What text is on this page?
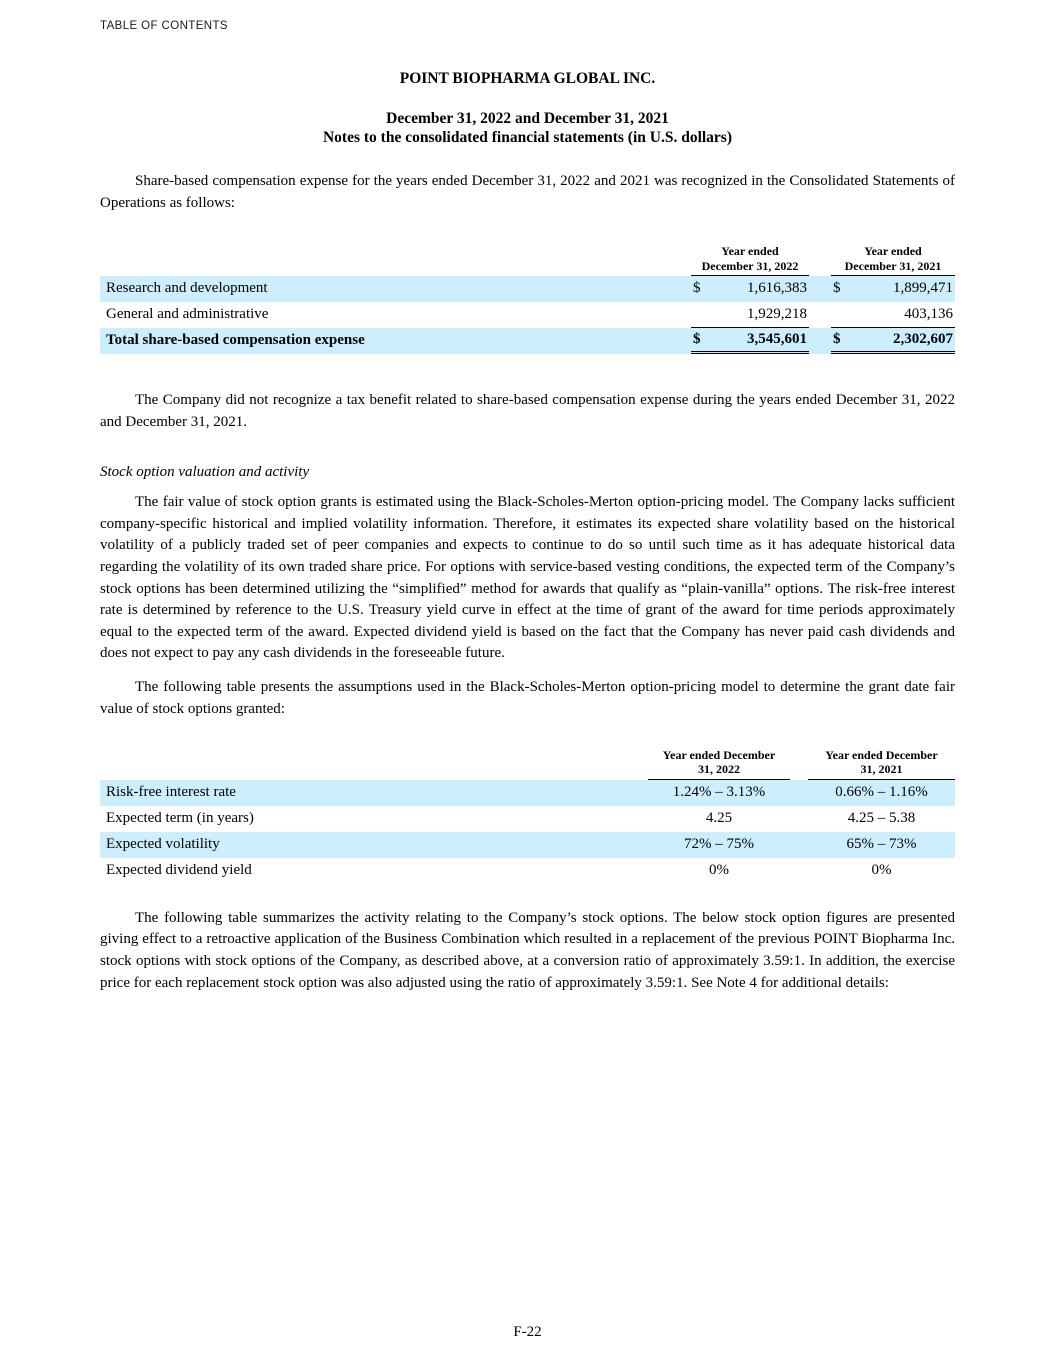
TABLE OF CONTENTS
POINT BIOPHARMA GLOBAL INC.
December 31, 2022 and December 31, 2021
Notes to the consolidated financial statements (in U.S. dollars)

Share-based compensation expense for the years ended December 31, 2022 and 2021 was recognized in the Consolidated Statements of Operations as follows:

Year ended
December 31, 2022
Year ended
December 31, 2021
Research and development	$	1,616,383 $	1,899,471
General and administrative	1,929,218	403,136
Total share-based compensation expense	$	3,545,601 $	2,302,607

The Company did not recognize a tax benefit related to share-based compensation expense during the years ended December 31, 2022 and December 31, 2021.

Stock option valuation and activity

The fair value of stock option grants is estimated using the Black-Scholes-Merton option-pricing model. The Company lacks sufficient company-specific historical and implied volatility information. Therefore, it estimates its expected share volatility based on the historical volatility of a publicly traded set of peer companies and expects to continue to do so until such time as it has adequate historical data regarding the volatility of its own traded share price. For options with service-based vesting conditions, the expected term of the Company’s stock options has been determined utilizing the “simplified” method for awards that qualify as “plain-vanilla” options. The risk-free interest rate is determined by reference to the U.S. Treasury yield curve in effect at the time of grant of the award for time periods approximately equal to the expected term of the award. Expected dividend yield is based on the fact that the Company has never paid cash dividends and does not expect to pay any cash dividends in the foreseeable future.

The following table presents the assumptions used in the Black-Scholes-Merton option-pricing model to determine the grant date fair value of stock options granted:

Year ended December
31, 2022
Year ended December
31, 2021
Risk-free interest rate	1.24% – 3.13%	0.66% – 1.16%
Expected term (in years)	4.25	4.25 – 5.38
Expected volatility	72% – 75%	65% – 73%
Expected dividend yield	0%	0%

The following table summarizes the activity relating to the Company’s stock options. The below stock option figures are presented giving effect to a retroactive application of the Business Combination which resulted in a replacement of the previous POINT Biopharma Inc. stock options with stock options of the Company, as described above, at a conversion ratio of approximately 3.59:1. In addition, the exercise price for each replacement stock option was also adjusted using the ratio of approximately 3.59:1. See Note 4 for additional details:

F-22
